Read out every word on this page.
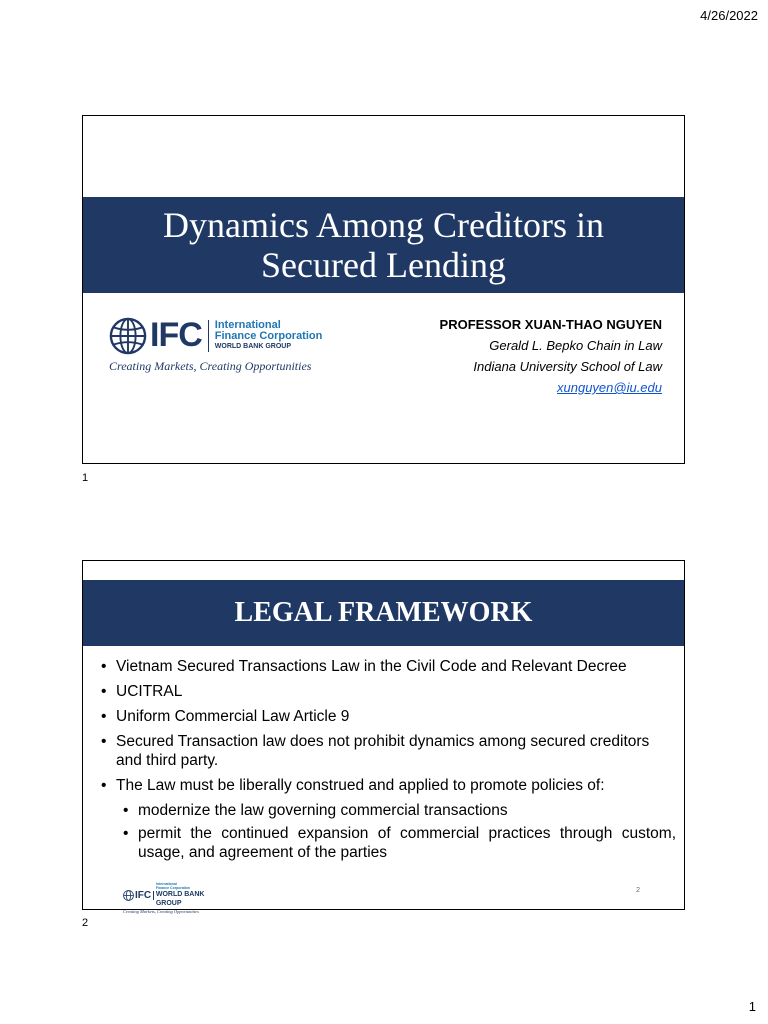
4/26/2022
Dynamics Among Creditors in
Secured Lending
IFC International
Finance Corporation
WORLD BANK GROUP
Creating Markets, Creating Opportunities
PROFESSOR XUAN-THAO NGUYEN
Gerald L. Bepko Chain in Law
Indiana University School of Law
xunguyen@iu.edu
1
LEGAL FRAMEWORK
• Vietnam Secured Transactions Law in the Civil Code and Relevant Decree
• UCITRAL
• Uniform Commercial Law Article 9
• Secured Transaction law does not prohibit dynamics among secured creditors and third party.
• The Law must be liberally construed and applied to promote policies of:
• modernize the law governing commercial transactions
• permit the continued expansion of commercial practices through custom, usage, and agreement of the parties
IFC
International
Finance Corporation
WORLD BANK GROUP
Creating Markets, Creating Opportunities
2
2
1
